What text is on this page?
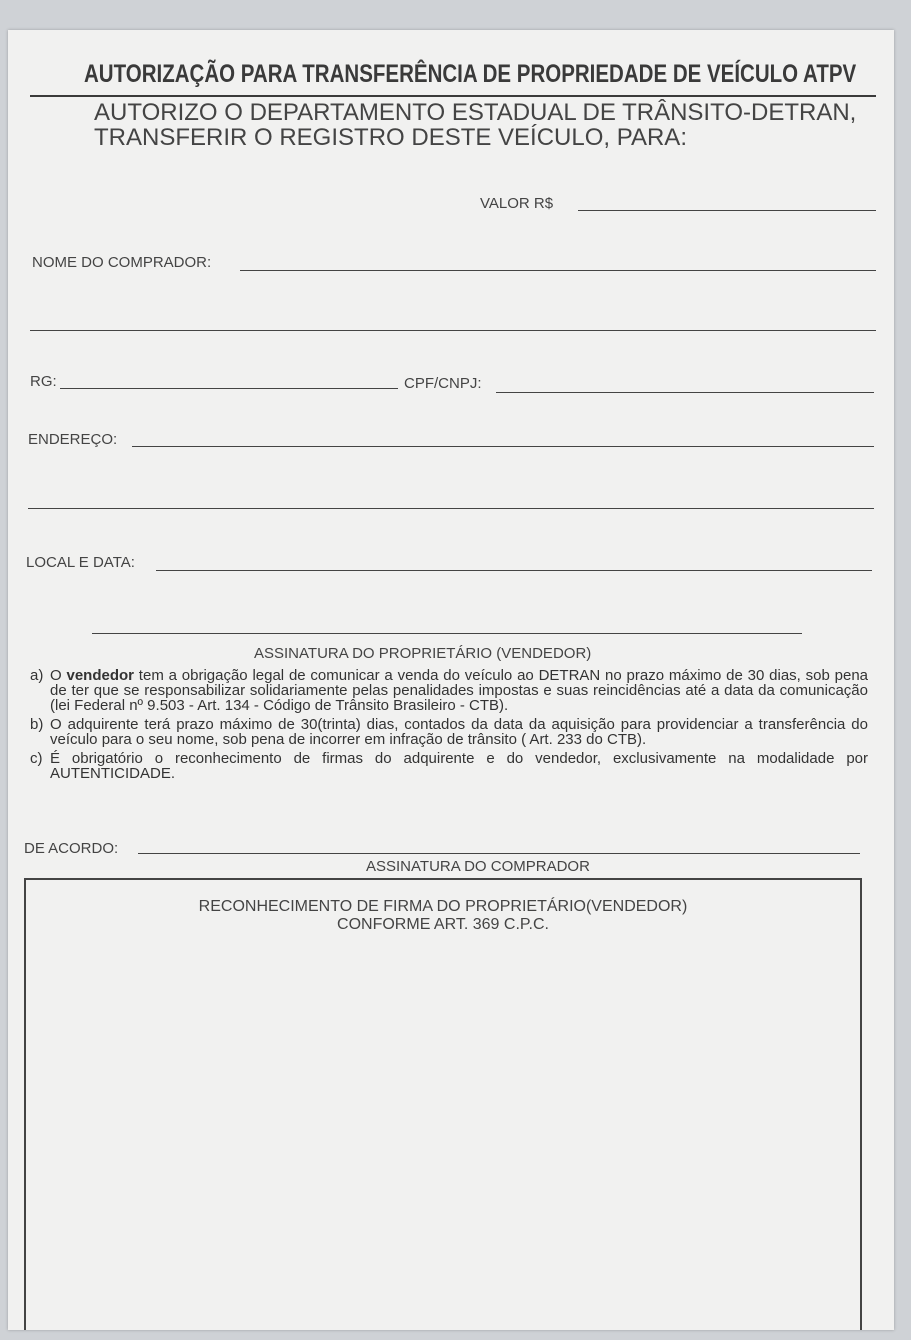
AUTORIZAÇÃO PARA TRANSFERÊNCIA DE PROPRIEDADE DE VEÍCULO ATPV
AUTORIZO O DEPARTAMENTO ESTADUAL DE TRÂNSITO-DETRAN,
TRANSFERIR O REGISTRO DESTE VEÍCULO, PARA:
VALOR R$
NOME DO COMPRADOR:
RG:	CPF/CNPJ:
ENDEREÇO:
LOCAL E DATA:
ASSINATURA DO PROPRIETÁRIO (VENDEDOR)
a) O vendedor tem a obrigação legal de comunicar a venda do veículo ao DETRAN no prazo máximo de 30 dias, sob pena de ter que se responsabilizar solidariamente pelas penalidades impostas e suas reincidências até a data da comunicação (lei Federal nº 9.503 - Art. 134 - Código de Trânsito Brasileiro - CTB).
b) O adquirente terá prazo máximo de 30(trinta) dias, contados da data da aquisição para providenciar a transferência do veículo para o seu nome, sob pena de incorrer em infração de trânsito ( Art. 233 do CTB).
c) É obrigatório o reconhecimento de firmas do adquirente e do vendedor, exclusivamente na modalidade por AUTENTICIDADE.
DE ACORDO:
ASSINATURA DO COMPRADOR
RECONHECIMENTO DE FIRMA DO PROPRIETÁRIO(VENDEDOR)
CONFORME ART. 369 C.P.C.
